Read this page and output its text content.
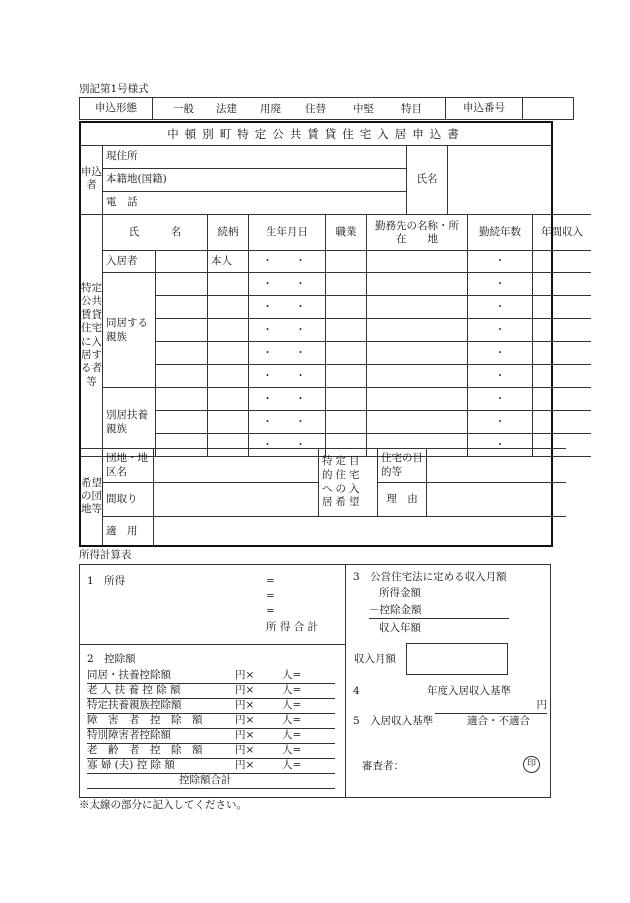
別記第1号様式
申込形態	一般 法建 用廃 住替	中堅	特目	申込番号	
中頓別町特定公共賃貸住宅入居申込書
申込者	現住所	氏名	
本籍地(国籍)
電　話
特定公共賃貸住宅に入居する者等	氏　　　名		続柄	生年月日	職業	勤務先の名称・所　　在　　地	勤続年数	年間収入
	入居者		本人	・　・			・	
	同居する親族			・　・			・	
				・　・			・	
				・　・			・	
				・　・			・	
				・　・			・	
	別居扶養親族			・　・			・	
				・　・			・	
				・　・			・	
希望の団地等	団地・地区名		特定目的住宅への入居希望	住宅の目的等	
	間取り			理　由	
	適　用				
所得計算表
1　所得	=
=
=
所 得 合 計
2　控除額
同居・扶養控除額	円×	人=
老 人 扶 養 控 除 額	円×	人=
特定扶養親族控除額	円×	人=
障　害　者　控　除　額	円×	人=
特別障害者控除額	円×	人=
老　齢　者　控　除　額	円×	人=
寡 婦 (夫) 控 除 額	円×	人=
控除額合計
3　公営住宅法に定める収入月額
所得金額
－控除金額
収入年額
収入月額
4	年度入居収入基準
円
5　入居収入基準	適合・不適合
審査者：	印
※太線の部分に記入してください。
